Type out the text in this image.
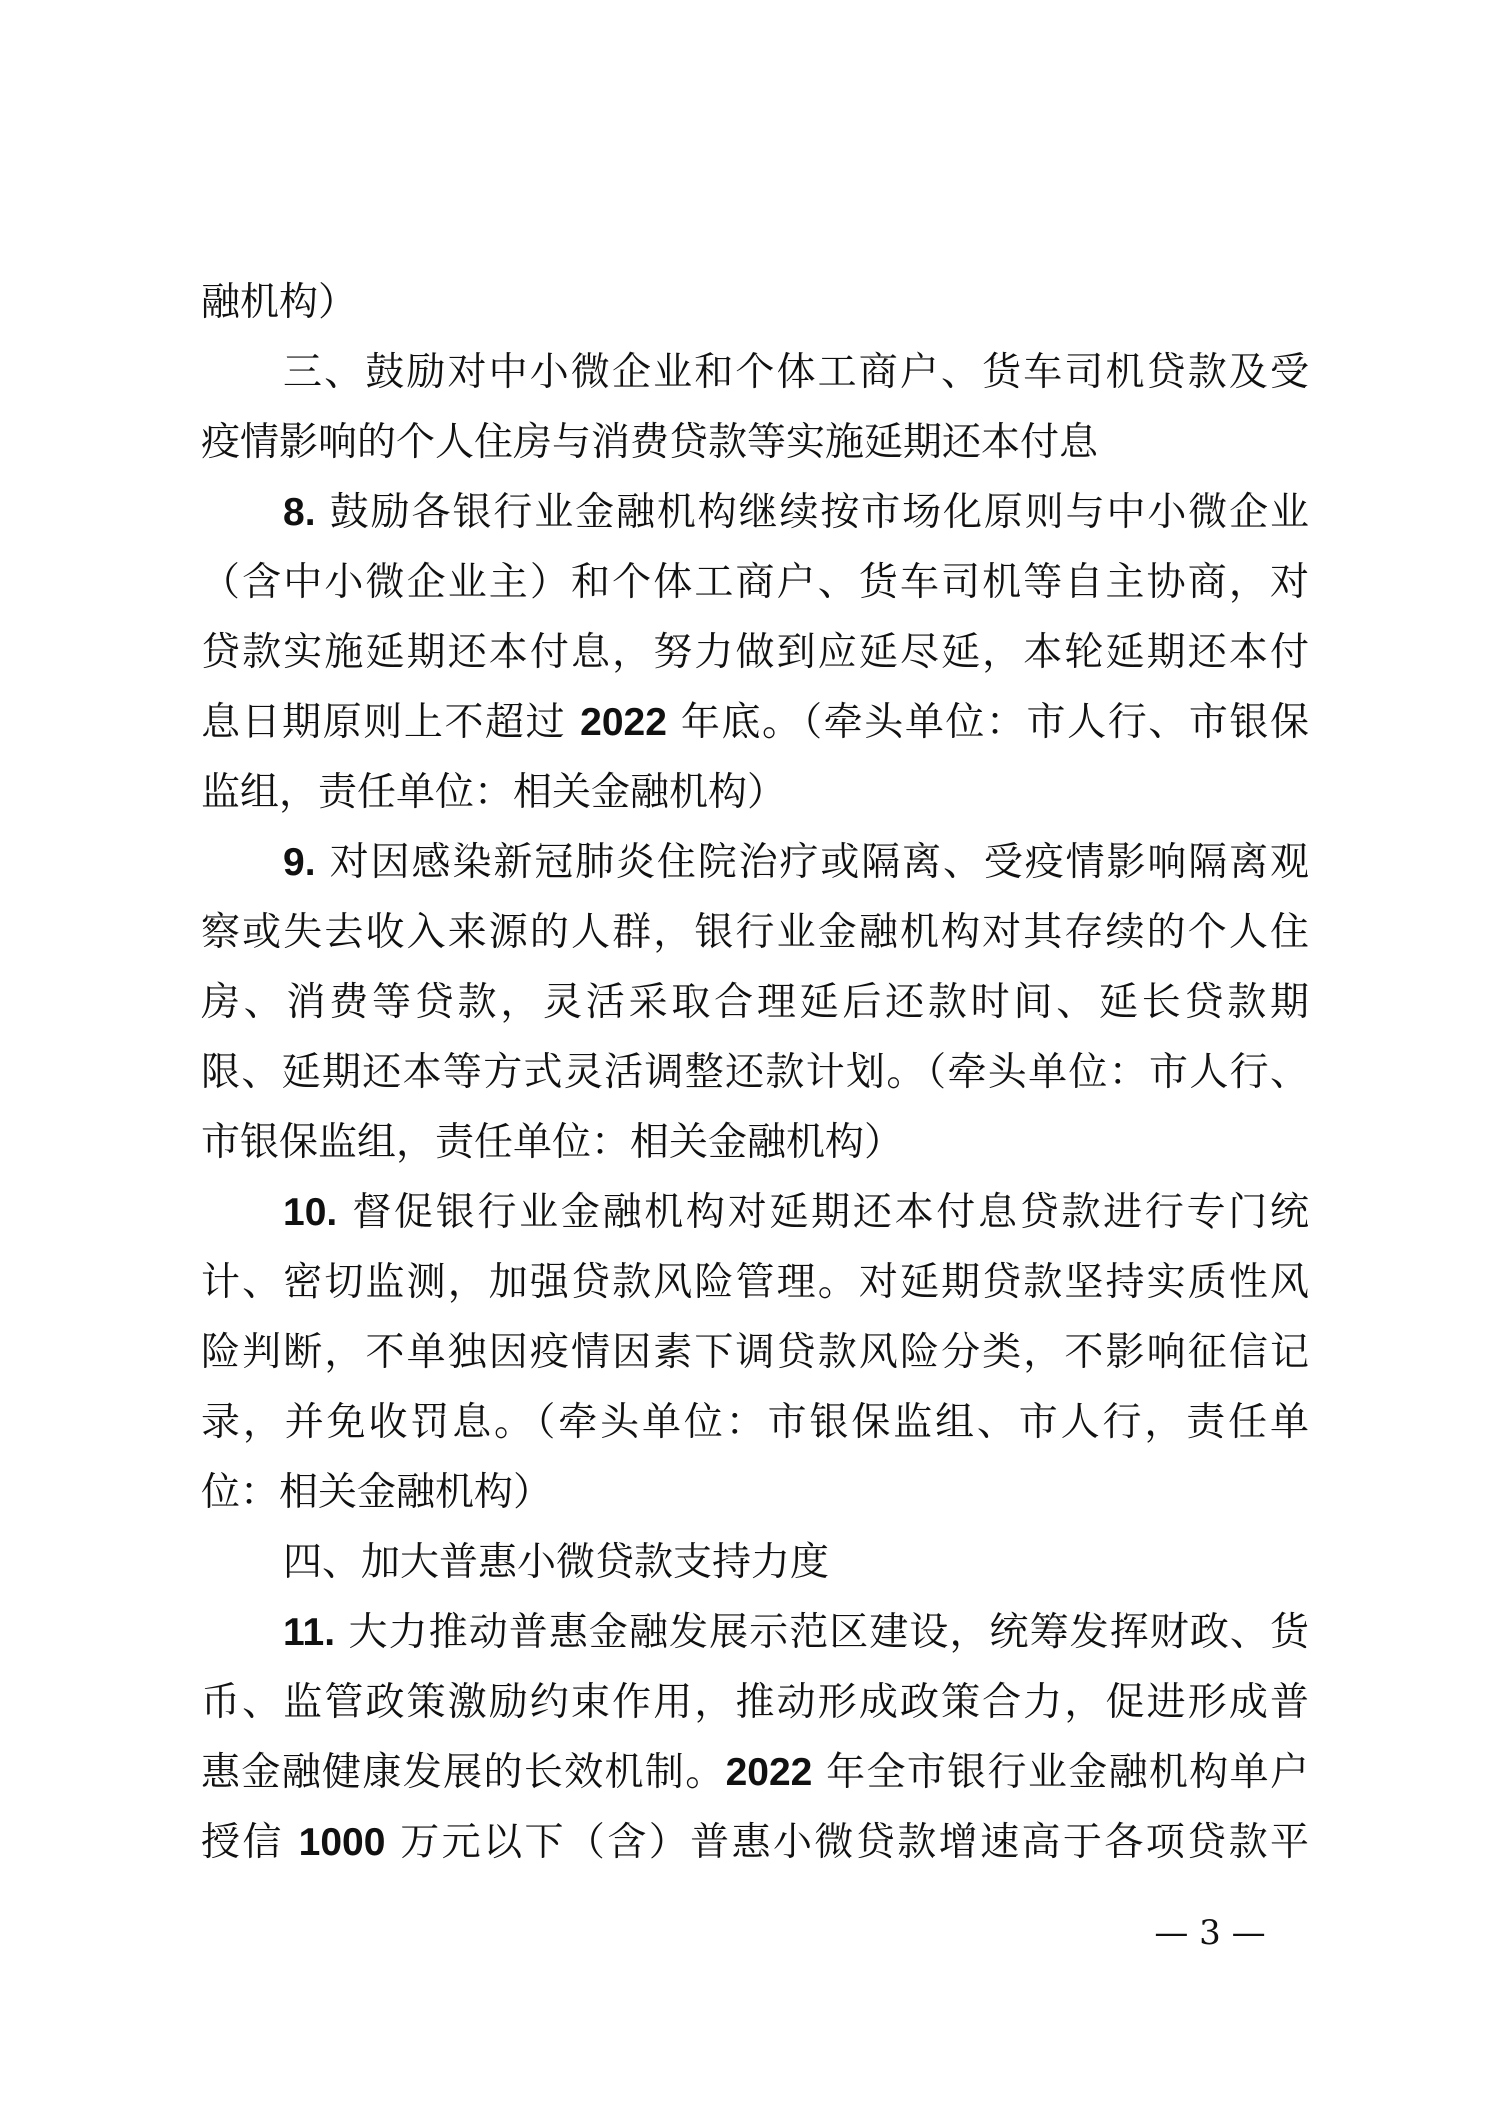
融机构）
三、鼓励对中小微企业和个体工商户、货车司机贷款及受
疫情影响的个人住房与消费贷款等实施延期还本付息
8. 鼓励各银行业金融机构继续按市场化原则与中小微企业
（含中小微企业主）和个体工商户、货车司机等自主协商，对
贷款实施延期还本付息，努力做到应延尽延，本轮延期还本付
息日期原则上不超过 2022 年底。（牵头单位：市人行、市银保
监组，责任单位：相关金融机构）
9. 对因感染新冠肺炎住院治疗或隔离、受疫情影响隔离观
察或失去收入来源的人群，银行业金融机构对其存续的个人住
房、消费等贷款，灵活采取合理延后还款时间、延长贷款期
限、延期还本等方式灵活调整还款计划。（牵头单位：市人行、
市银保监组，责任单位：相关金融机构）
10. 督促银行业金融机构对延期还本付息贷款进行专门统
计、密切监测，加强贷款风险管理。对延期贷款坚持实质性风
险判断，不单独因疫情因素下调贷款风险分类，不影响征信记
录，并免收罚息。（牵头单位：市银保监组、市人行，责任单
位：相关金融机构）
四、加大普惠小微贷款支持力度
11. 大力推动普惠金融发展示范区建设，统筹发挥财政、货
币、监管政策激励约束作用，推动形成政策合力，促进形成普
惠金融健康发展的长效机制。2022 年全市银行业金融机构单户
授信 1000 万元以下（含）普惠小微贷款增速高于各项贷款平
— 3 —
